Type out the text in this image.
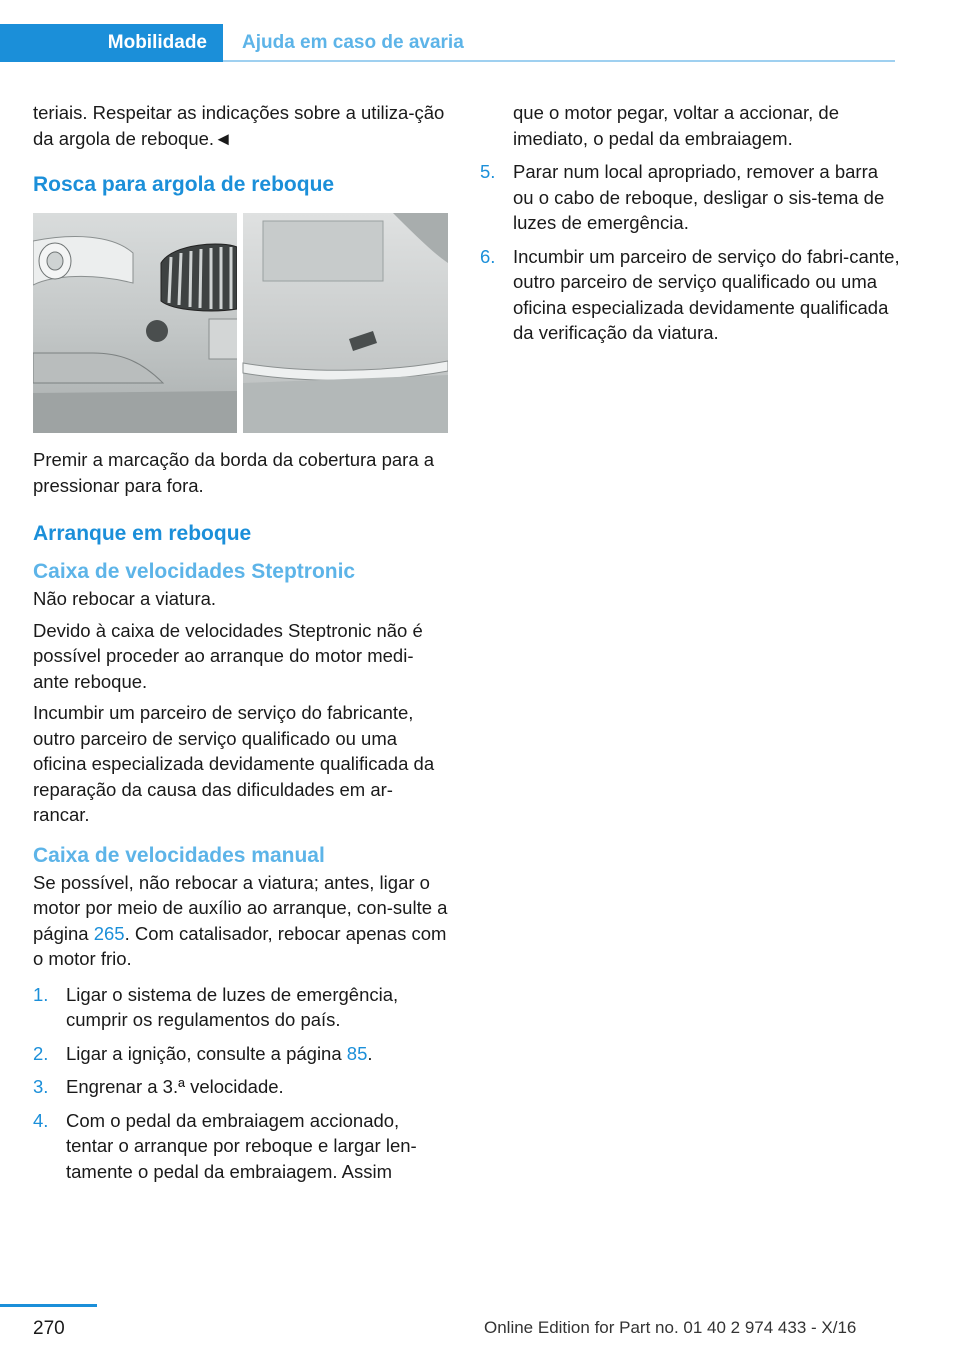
Mobilidade	Ajuda em caso de avaria

teriais. Respeitar as indicações sobre a utiliza‐ção da argola de reboque.◄

Rosca para argola de reboque

Premir a marcação da borda da cobertura para a pressionar para fora.

Arranque em reboque
Caixa de velocidades Steptronic

Não rebocar a viatura.

Devido à caixa de velocidades Steptronic não é possível proceder ao arranque do motor medi‐ante reboque.

Incumbir um parceiro de serviço do fabricante, outro parceiro de serviço qualificado ou uma oficina especializada devidamente qualificada da reparação da causa das dificuldades em ar‐rancar.

Caixa de velocidades manual

Se possível, não rebocar a viatura; antes, ligar o motor por meio de auxílio ao arranque, con‐sulte a página 265. Com catalisador, rebocar apenas com o motor frio.

1. Ligar o sistema de luzes de emergência, cumprir os regulamentos do país.
2. Ligar a ignição, consulte a página 85.
3. Engrenar a 3.ª velocidade.
4. Com o pedal da embraiagem accionado, tentar o arranque por reboque e largar len‐tamente o pedal da embraiagem. Assim

que o motor pegar, voltar a accionar, de imediato, o pedal da embraiagem.

5. Parar num local apropriado, remover a barra ou o cabo de reboque, desligar o sis‐tema de luzes de emergência.
6. Incumbir um parceiro de serviço do fabri‐cante, outro parceiro de serviço qualificado ou uma oficina especializada devidamente qualificada da verificação da viatura.
270	Online Edition for Part no. 01 40 2 974 433 - X/16
